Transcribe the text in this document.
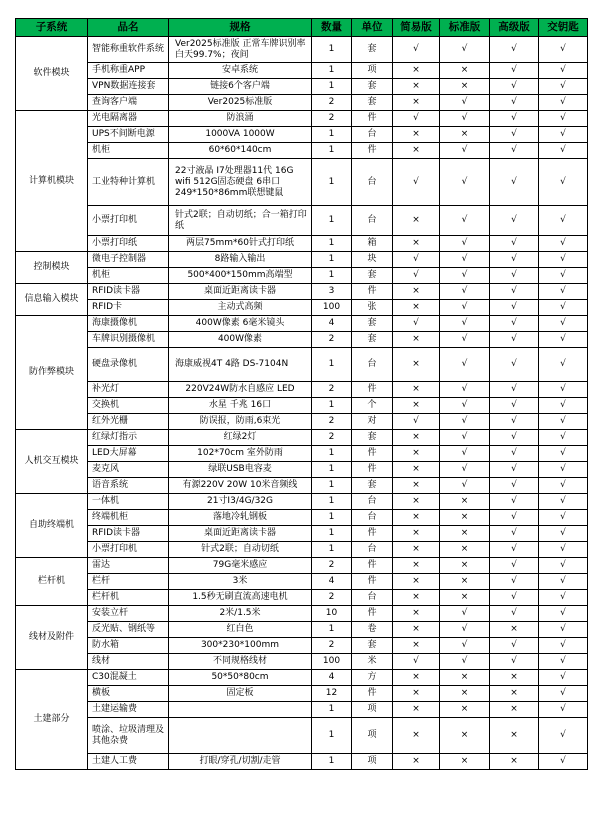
子系统	品名	规格	数量	单位	简易版	标准版	高级版	交钥匙
软件模块	智能称重软件系统	Ver2025标准版 正常车牌识别率白天99.7%；夜间	1	套	√	√	√	√
	手机称重APP	安卓系统	1	项	×	×	√	√
	VPN数据连接套	链接6个客户端	1	套	×	×	√	√
	查询客户端	Ver2025标准版	2	套	×	√	√	√
计算机模块	光电隔离器	防浪涌	2	件	√	√	√	√
	UPS不间断电源	1000VA 1000W	1	台	×	×	√	√
	机柜	60*60*140cm	1	件	×	√	√	√
	工业特种计算机	22寸液晶 I7处理器11代 16G wifi 512G固态硬盘 6串口 249*150*86mm联想键鼠	1	台	√	√	√	√
	小票打印机	针式2联；自动切纸；合一箱打印纸	1	台	×	√	√	√
	小票打印纸	两层75mm*60针式打印纸	1	箱	×	√	√	√
控制模块	微电子控制器	8路输入输出	1	块	√	√	√	√
	机柜	500*400*150mm高端型	1	套	√	√	√	√
信息输入模块	RFID读卡器	桌面近距离读卡器	3	件	×	√	√	√
	RFID卡	主动式高频	100	张	×	√	√	√
防作弊模块	海康摄像机	400W像素 6毫米镜头	4	套	√	√	√	√
	车牌识别摄像机	400W像素	2	套	×	√	√	√
	硬盘录像机	海康威视4T 4路 DS-7104N	1	台	×	√	√	√
	补光灯	220V24W防水自感应 LED	2	件	×	√	√	√
	交换机	水星 千兆 16口	1	个	×	√	√	√
	红外光栅	防误报，防雨,6束光	2	对	√	√	√	√
人机交互模块	红绿灯指示	红绿2灯	2	套	×	√	√	√
	LED大屏幕	102*70cm 室外防雨	1	件	×	√	√	√
	麦克风	绿联USB电容麦	1	件	×	√	√	√
	语音系统	有源220V 20W 10米音频线	1	套	×	√	√	√
自助终端机	一体机	21寸I3/4G/32G	1	台	×	×	√	√
	终端机柜	落地冷轧钢板	1	台	×	×	√	√
	RFID读卡器	桌面近距离读卡器	1	件	×	×	√	√
	小票打印机	针式2联；自动切纸	1	台	×	×	√	√
栏杆机	雷达	79G毫米感应	2	件	×	×	√	√
	栏杆	3米	4	件	×	×	√	√
	栏杆机	1.5秒无刷直流高速电机	2	台	×	×	√	√
线材及附件	安装立杆	2米/1.5米	10	件	×	√	√	√
	反光贴、钢纸等	红白色	1	卷	×	√	×	√
	防水箱	300*230*100mm	2	套	×	√	√	√
	线材	不同规格线材	100	米	√	√	√	√
土建部分	C30混凝土	50*50*80cm	4	方	×	×	×	√
	横板	固定板	12	件	×	×	×	√
	土建运输费		1	项	×	×	×	√
	喷涂、垃圾清理及其他杂费		1	项	×	×	×	√
	土建人工费	打眼/穿孔/切割/走管	1	项	×	×	×	√
